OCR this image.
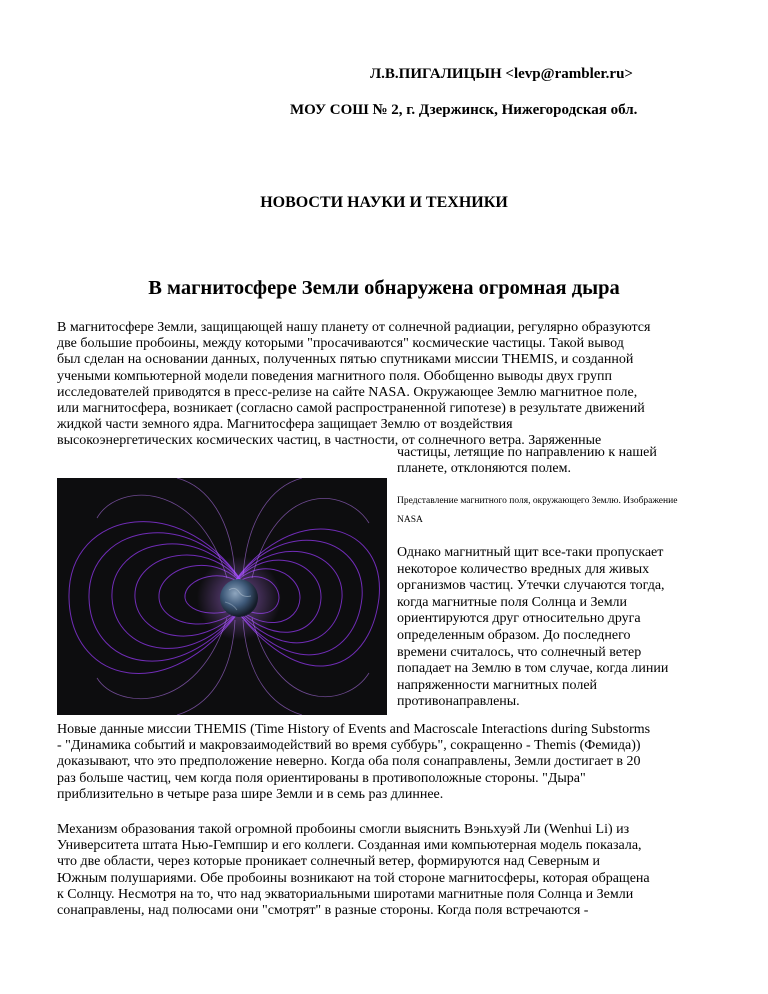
Л.В.ПИГАЛИЦЫН <levp@rambler.ru>
МОУ СОШ № 2, г. Дзержинск, Нижегородская обл.
НОВОСТИ НАУКИ И ТЕХНИКИ
В магнитосфере Земли обнаружена огромная дыра

В магнитосфере Земли, защищающей нашу планету от солнечной радиации, регулярно образуются
две большие пробоины, между которыми "просачиваются" космические частицы. Такой вывод
был сделан на основании данных, полученных пятью спутниками миссии THEMIS, и созданной
учеными компьютерной модели поведения магнитного поля. Обобщенно выводы двух групп
исследователей приводятся в пресс-релизе на сайте NASA. Окружающее Землю магнитное поле,
или магнитосфера, возникает (согласно самой распространенной гипотезе) в результате движений
жидкой части земного ядра. Магнитосфера защищает Землю от воздействия
высокоэнергетических космических частиц, в частности, от солнечного ветра. Заряженные

частицы, летящие по направлению к нашей
планете, отклоняются полем.

Представление магнитного поля, окружающего Землю. Изображение
NASA

Однако магнитный щит все-таки пропускает
некоторое количество вредных для живых
организмов частиц. Утечки случаются тогда,
когда магнитные поля Солнца и Земли
ориентируются друг относительно друга
определенным образом. До последнего
времени считалось, что солнечный ветер
попадает на Землю в том случае, когда линии
напряженности магнитных полей
противонаправлены.

Новые данные миссии THEMIS (Time History of Events and Macroscale Interactions during Substorms
- "Динамика событий и макровзаимодействий во время суббурь", сокращенно - Themis (Фемида))
доказывают, что это предположение неверно. Когда оба поля сонаправлены, Земли достигает в 20
раз больше частиц, чем когда поля ориентированы в противоположные стороны. "Дыра"
приблизительно в четыре раза шире Земли и в семь раз длиннее.

Механизм образования такой огромной пробоины смогли выяснить Вэньхуэй Ли (Wenhui Li) из
Университета штата Нью-Гемпшир и его коллеги. Созданная ими компьютерная модель показала,
что две области, через которые проникает солнечный ветер, формируются над Северным и
Южным полушариями. Обе пробоины возникают на той стороне магнитосферы, которая обращена
к Солнцу. Несмотря на то, что над экваториальными широтами магнитные поля Солнца и Земли
сонаправлены, над полюсами они "смотрят" в разные стороны. Когда поля встречаются -
